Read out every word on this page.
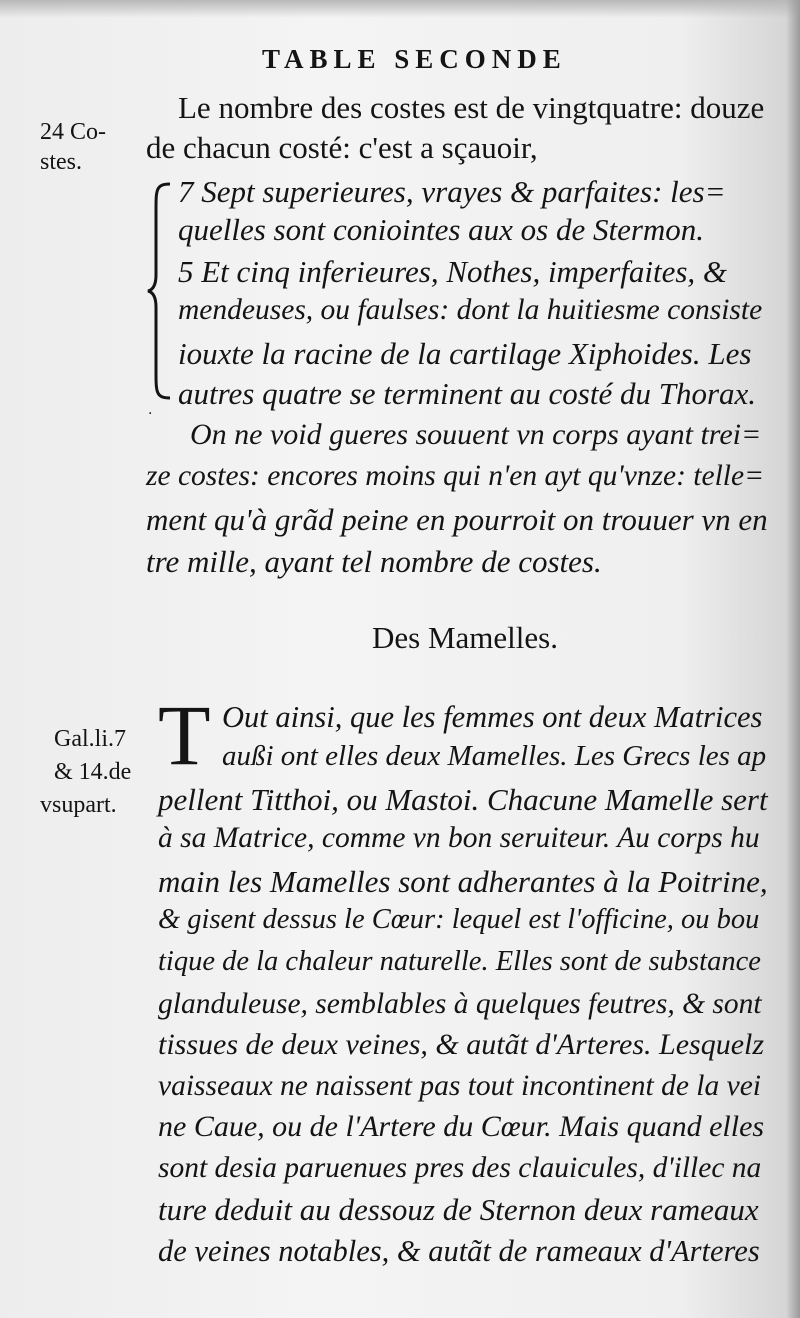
TABLE SECONDE
24 Co-
stes.
Gal.li.7
& 14.de
vsupart.
Le nombre des costes est de vingtquatre: douze
de chacun costé: c'est a sçauoir,
7 Sept superieures, vrayes & parfaites: les=
quelles sont coniointes aux os de Stermon.
5 Et cinq inferieures, Nothes, imperfaites, &
mendeuses, ou faulses: dont la huitiesme consiste
iouxte la racine de la cartilage Xiphoides. Les
autres quatre se terminent au costé du Thorax.
On ne void gueres souuent vn corps ayant trei=
ze costes: encores moins qui n'en ayt qu'vnze: telle=
ment qu'à grãd peine en pourroit on trouuer vn en
tre mille, ayant tel nombre de costes.
·
Des Mamelles.
T Out ainsi, que les femmes ont deux Matrices
außi ont elles deux Mamelles. Les Grecs les ap
pellent Titthoi, ou Mastoi. Chacune Mamelle sert
à sa Matrice, comme vn bon seruiteur. Au corps hu
main les Mamelles sont adherantes à la Poitrine,
& gisent dessus le Cœur: lequel est l'officine, ou bou
tique de la chaleur naturelle. Elles sont de substance
glanduleuse, semblables à quelques feutres, & sont
tissues de deux veines, & autãt d'Arteres. Lesquelz
vaisseaux ne naissent pas tout incontinent de la vei
ne Caue, ou de l'Artere du Cœur. Mais quand elles
sont desia paruenues pres des clauicules, d'illec na
ture deduit au dessouz de Sternon deux rameaux
de veines notables, & autãt de rameaux d'Arteres
